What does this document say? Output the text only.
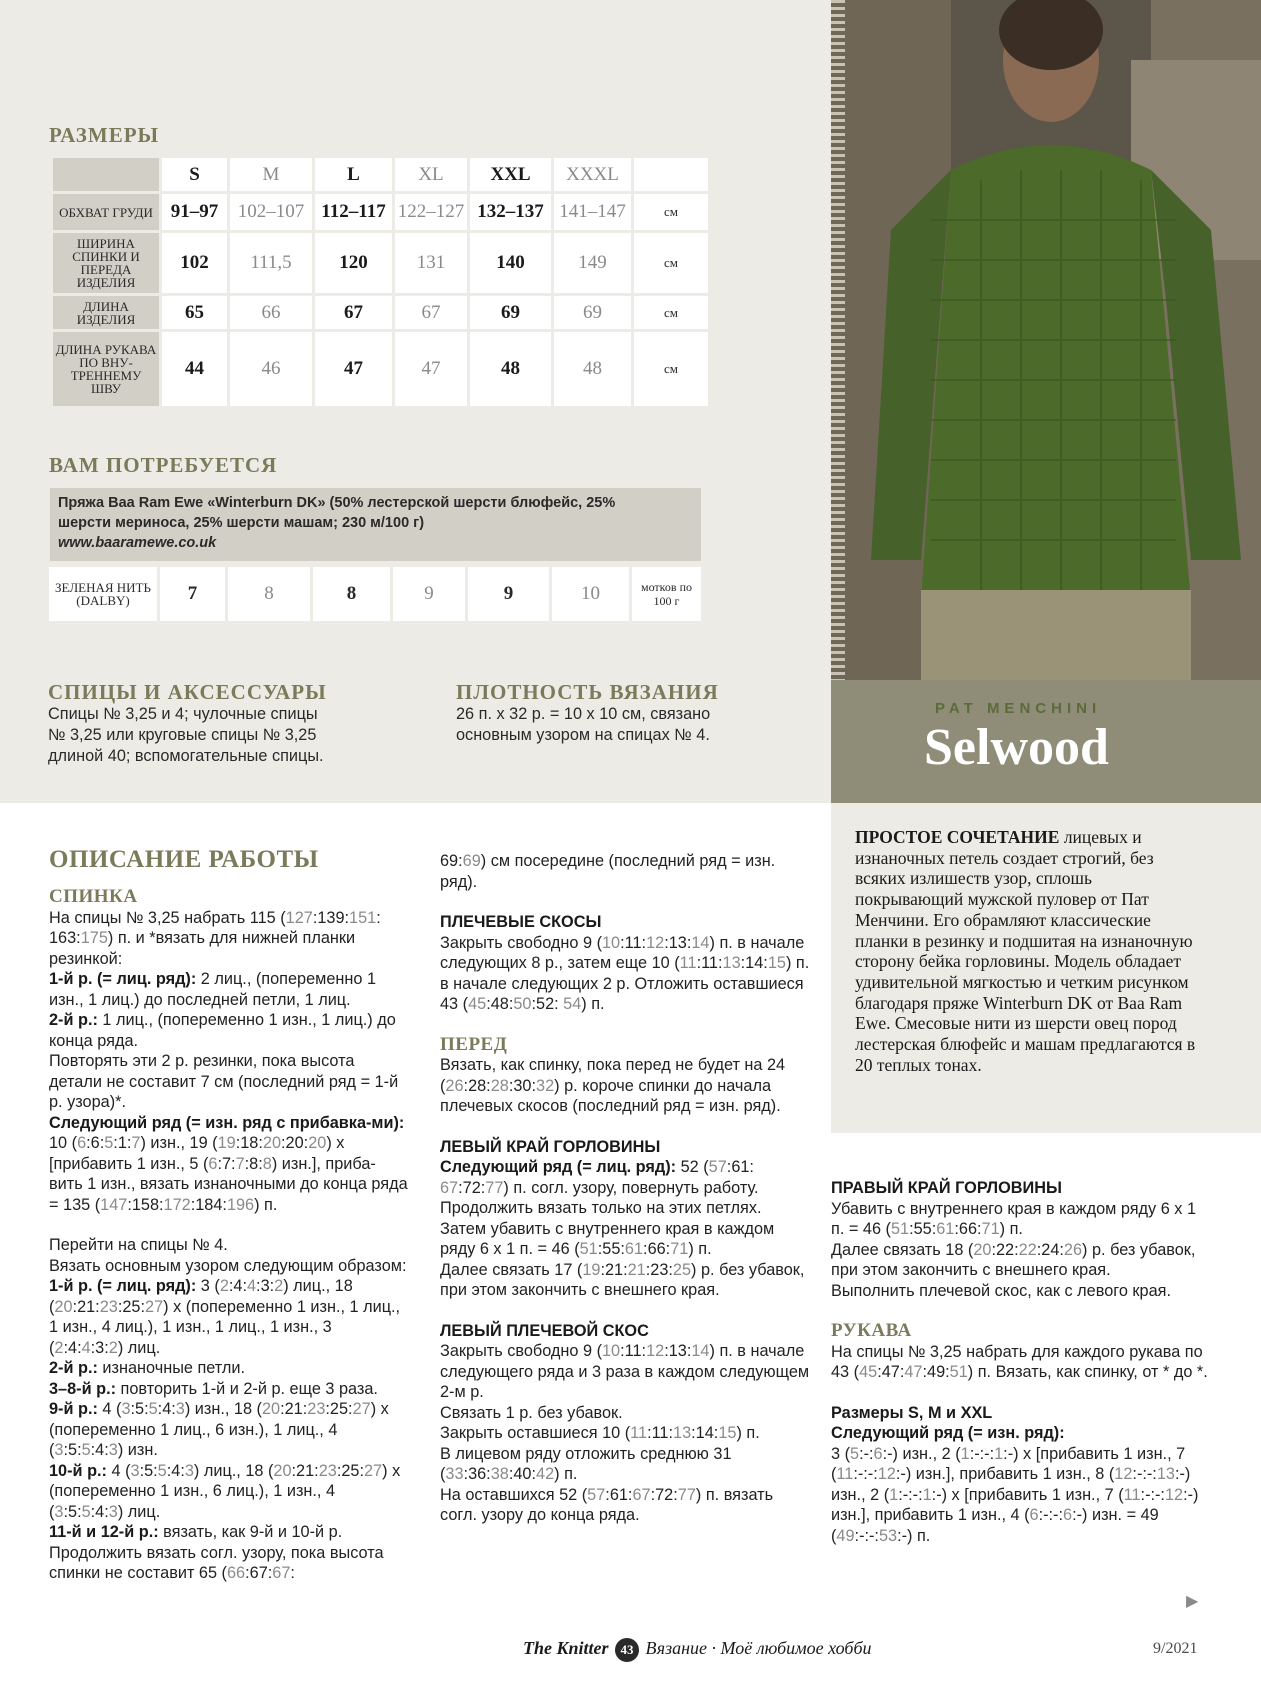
PAT MENCHINI
Selwood

ПРОСТОЕ СОЧЕТАНИЕ лицевых и изнаночных петель создает строгий, без всяких излишеств узор, сплошь покрывающий мужской пуловер от Пат Менчини. Его обрамляют классические планки в резинку и подшитая на изнаночную сторону бейка горловины. Модель обладает удивительной мягкостью и четким рисунком благодаря пряже Winterburn DK от Baa Ram Ewe. Смесовые нити из шерсти овец пород лестерская блюфейс и машам предлагаются в 20 теплых тонах.

РАЗМЕРЫ
	S	M	L	XL	XXL	XXXL	
ОБХВАТ ГРУДИ	91–97	102–107	112–117	122–127	132–137	141–147	см
ШИРИНА СПИНКИ И ПЕРЕДА ИЗДЕЛИЯ	102	111,5	120	131	140	149	см
ДЛИНА ИЗДЕЛИЯ	65	66	67	67	69	69	см
ДЛИНА РУКАВА ПО ВНУ-ТРЕННЕМУ ШВУ	44	46	47	47	48	48	см
ВАМ ПОТРЕБУЕТСЯ
Пряжа Baa Ram Ewe «Winterburn DK» (50% лестерской шерсти блюфейс, 25%
шерсти мериноса, 25% шерсти машам; 230 м/100 г)
www.baaramewe.co.uk
ЗЕЛЕНАЯ НИТЬ (DALBY)	7	8	8	9	9	10	мотков по 100 г
СПИЦЫ И АКСЕССУАРЫ
Спицы № 3,25 и 4; чулочные спицы
№ 3,25 или круговые спицы № 3,25
длиной 40; вспомогательные спицы.
ПЛОТНОСТЬ ВЯЗАНИЯ
26 п. х 32 р. = 10 х 10 см, связано
основным узором на спицах № 4.
ОПИСАНИЕ РАБОТЫ
СПИНКА

На спицы № 3,25 набрать 115 (127:139:151: 163:175) п. и *вязать для нижней планки резинкой:

1-й р. (= лиц. ряд): 2 лиц., (попеременно 1 изн., 1 лиц.) до последней петли, 1 лиц.

2-й р.: 1 лиц., (попеременно 1 изн., 1 лиц.) до конца ряда.

Повторять эти 2 р. резинки, пока высота детали не составит 7 см (последний ряд = 1-й р. узора)*.

Следующий ряд (= изн. ряд с прибавка-ми): 10 (6:6:5:1:7) изн., 19 (19:18:20:20:20) х [прибавить 1 изн., 5 (6:7:7:8:8) изн.], приба-вить 1 изн., вязать изнаночными до конца ряда = 135 (147:158:172:184:196) п.

Перейти на спицы № 4.

Вязать основным узором следующим образом:

1-й р. (= лиц. ряд): 3 (2:4:4:3:2) лиц., 18 (20:21:23:25:27) х (попеременно 1 изн., 1 лиц., 1 изн., 4 лиц.), 1 изн., 1 лиц., 1 изн., 3 (2:4:4:3:2) лиц.

2-й р.: изнаночные петли.

3–8-й р.: повторить 1-й и 2-й р. еще 3 раза.

9-й р.: 4 (3:5:5:4:3) изн., 18 (20:21:23:25:27) х (попеременно 1 лиц., 6 изн.), 1 лиц., 4 (3:5:5:4:3) изн.

10-й р.: 4 (3:5:5:4:3) лиц., 18 (20:21:23:25:27) х (попеременно 1 изн., 6 лиц.), 1 изн., 4 (3:5:5:4:3) лиц.

11-й и 12-й р.: вязать, как 9-й и 10-й р.

Продолжить вязать согл. узору, пока высота спинки не составит 65 (66:67:67:

69:69) см посередине (последний ряд = изн. ряд).

ПЛЕЧЕВЫЕ СКОСЫ

Закрыть свободно 9 (10:11:12:13:14) п. в начале следующих 8 р., затем еще 10 (11:11:13:14:15) п. в начале следующих 2 р. Отложить оставшиеся 43 (45:48:50:52: 54) п.

ПЕРЕД

Вязать, как спинку, пока перед не будет на 24 (26:28:28:30:32) р. короче спинки до начала плечевых скосов (последний ряд = изн. ряд).

ЛЕВЫЙ КРАЙ ГОРЛОВИНЫ

Следующий ряд (= лиц. ряд): 52 (57:61: 67:72:77) п. согл. узору, повернуть работу.

Продолжить вязать только на этих петлях. Затем убавить с внутреннего края в каждом ряду 6 х 1 п. = 46 (51:55:61:66:71) п.

Далее связать 17 (19:21:21:23:25) р. без убавок, при этом закончить с внешнего края.

ЛЕВЫЙ ПЛЕЧЕВОЙ СКОС

Закрыть свободно 9 (10:11:12:13:14) п. в начале следующего ряда и 3 раза в каждом следующем 2-м р.

Связать 1 р. без убавок.

Закрыть оставшиеся 10 (11:11:13:14:15) п.

В лицевом ряду отложить среднюю 31 (33:36:38:40:42) п.

На оставшихся 52 (57:61:67:72:77) п. вязать согл. узору до конца ряда.

ПРАВЫЙ КРАЙ ГОРЛОВИНЫ

Убавить с внутреннего края в каждом ряду 6 х 1 п. = 46 (51:55:61:66:71) п.

Далее связать 18 (20:22:22:24:26) р. без убавок, при этом закончить с внешнего края.

Выполнить плечевой скос, как с левого края.

РУКАВА

На спицы № 3,25 набрать для каждого рукава по 43 (45:47:47:49:51) п. Вязать, как спинку, от * до *.

Размеры S, M и XXL

Следующий ряд (= изн. ряд):

3 (5:-:6:-) изн., 2 (1:-:-:1:-) х [прибавить 1 изн., 7 (11:-:-:12:-) изн.], прибавить 1 изн., 8 (12:-:-:13:-) изн., 2 (1:-:-:1:-) х [прибавить 1 изн., 7 (11:-:-:12:-) изн.], прибавить 1 изн., 4 (6:-:-:6:-) изн. = 49 (49:-:-:53:-) п.

▶
The Knitter 43 Вязание · Моё любимое хобби	9/2021
